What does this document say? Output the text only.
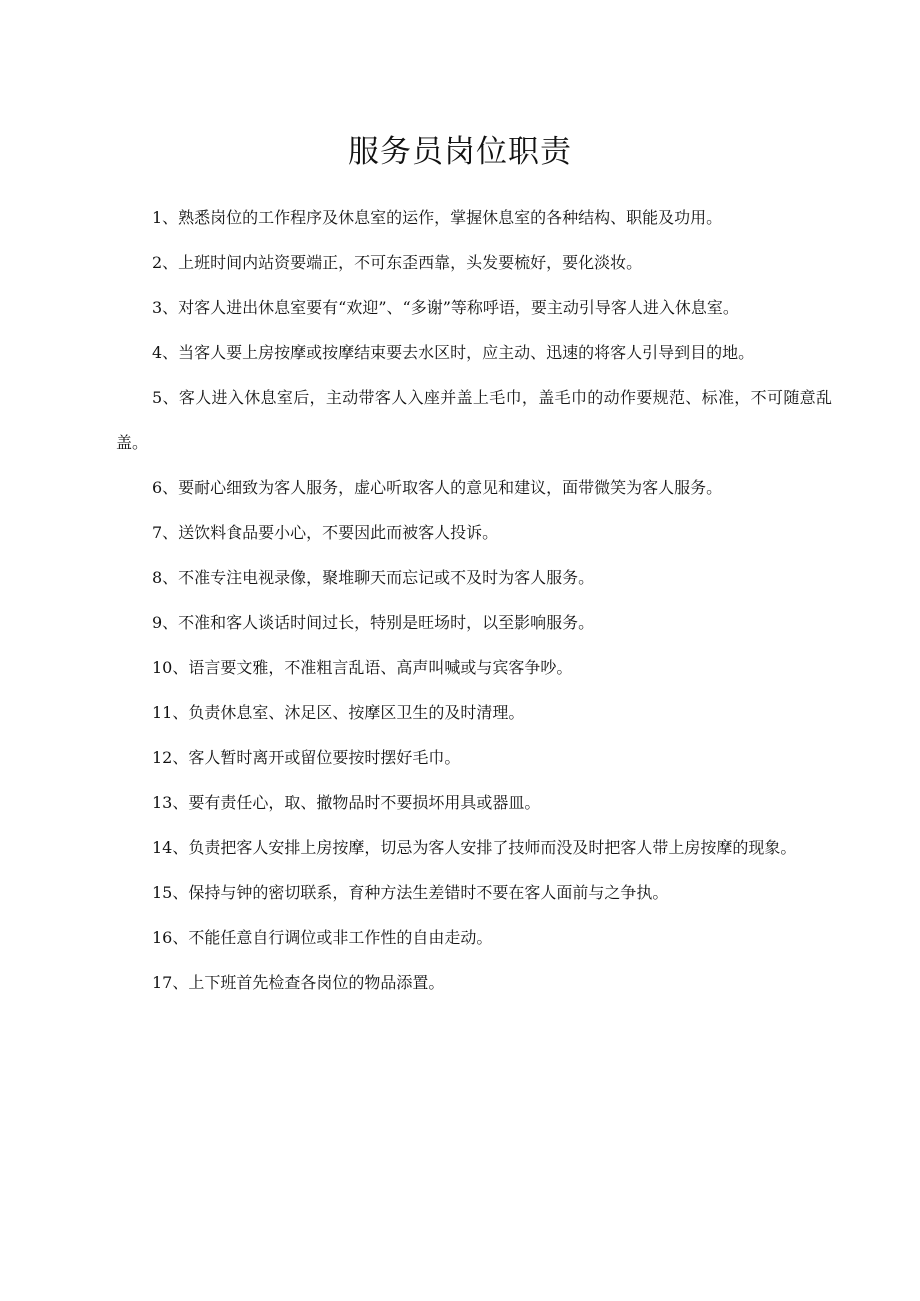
服务员岗位职责
1、熟悉岗位的工作程序及休息室的运作，掌握休息室的各种结构、职能及功用。
2、上班时间内站资要端正，不可东歪西靠，头发要梳好，要化淡妆。
3、对客人进出休息室要有“欢迎”、“多谢”等称呼语，要主动引导客人进入休息室。
4、当客人要上房按摩或按摩结束要去水区时，应主动、迅速的将客人引导到目的地。
5、客人进入休息室后，主动带客人入座并盖上毛巾，盖毛巾的动作要规范、标准，不可随意乱盖。
6、要耐心细致为客人服务，虚心听取客人的意见和建议，面带微笑为客人服务。
7、送饮料食品要小心，不要因此而被客人投诉。
8、不准专注电视录像，聚堆聊天而忘记或不及时为客人服务。
9、不准和客人谈话时间过长，特别是旺场时，以至影响服务。
10、语言要文雅，不准粗言乱语、高声叫喊或与宾客争吵。
11、负责休息室、沐足区、按摩区卫生的及时清理。
12、客人暂时离开或留位要按时摆好毛巾。
13、要有责任心，取、撤物品时不要损坏用具或器皿。
14、负责把客人安排上房按摩，切忌为客人安排了技师而没及时把客人带上房按摩的现象。
15、保持与钟的密切联系，育种方法生差错时不要在客人面前与之争执。
16、不能任意自行调位或非工作性的自由走动。
17、上下班首先检查各岗位的物品添置。
